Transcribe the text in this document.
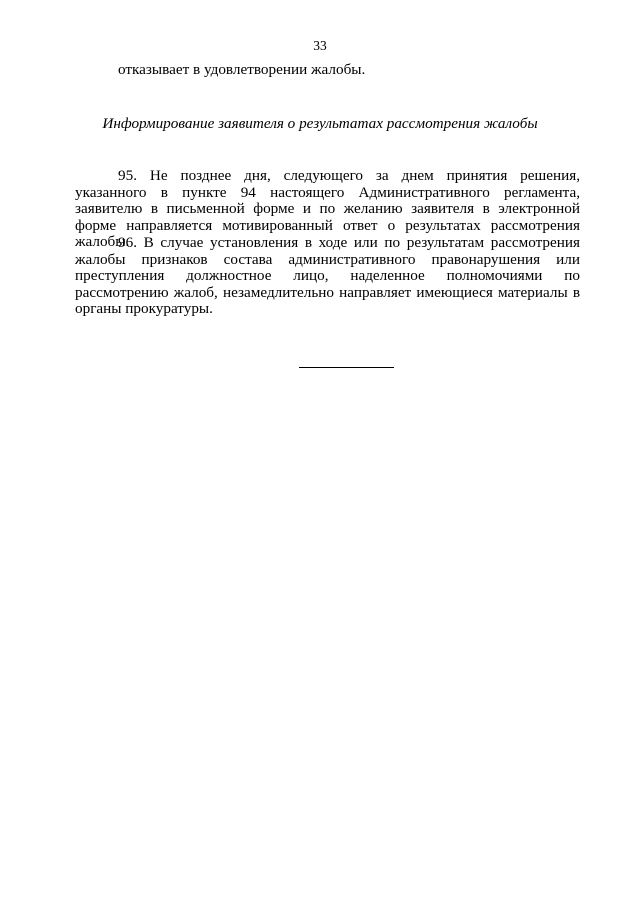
33
отказывает в удовлетворении жалобы.
Информирование заявителя о результатах рассмотрения жалобы

95. Не позднее дня, следующего за днем принятия решения, указанного в пункте 94 настоящего Административного регламента, заявителю в письменной форме и по желанию заявителя в электронной форме направляется мотивированный ответ о результатах рассмотрения жалобы.

96. В случае установления в ходе или по результатам рассмотрения жалобы признаков состава административного правонарушения или преступления должностное лицо, наделенное полномочиями по рассмотрению жалоб, незамедлительно направляет имеющиеся материалы в органы прокуратуры.
